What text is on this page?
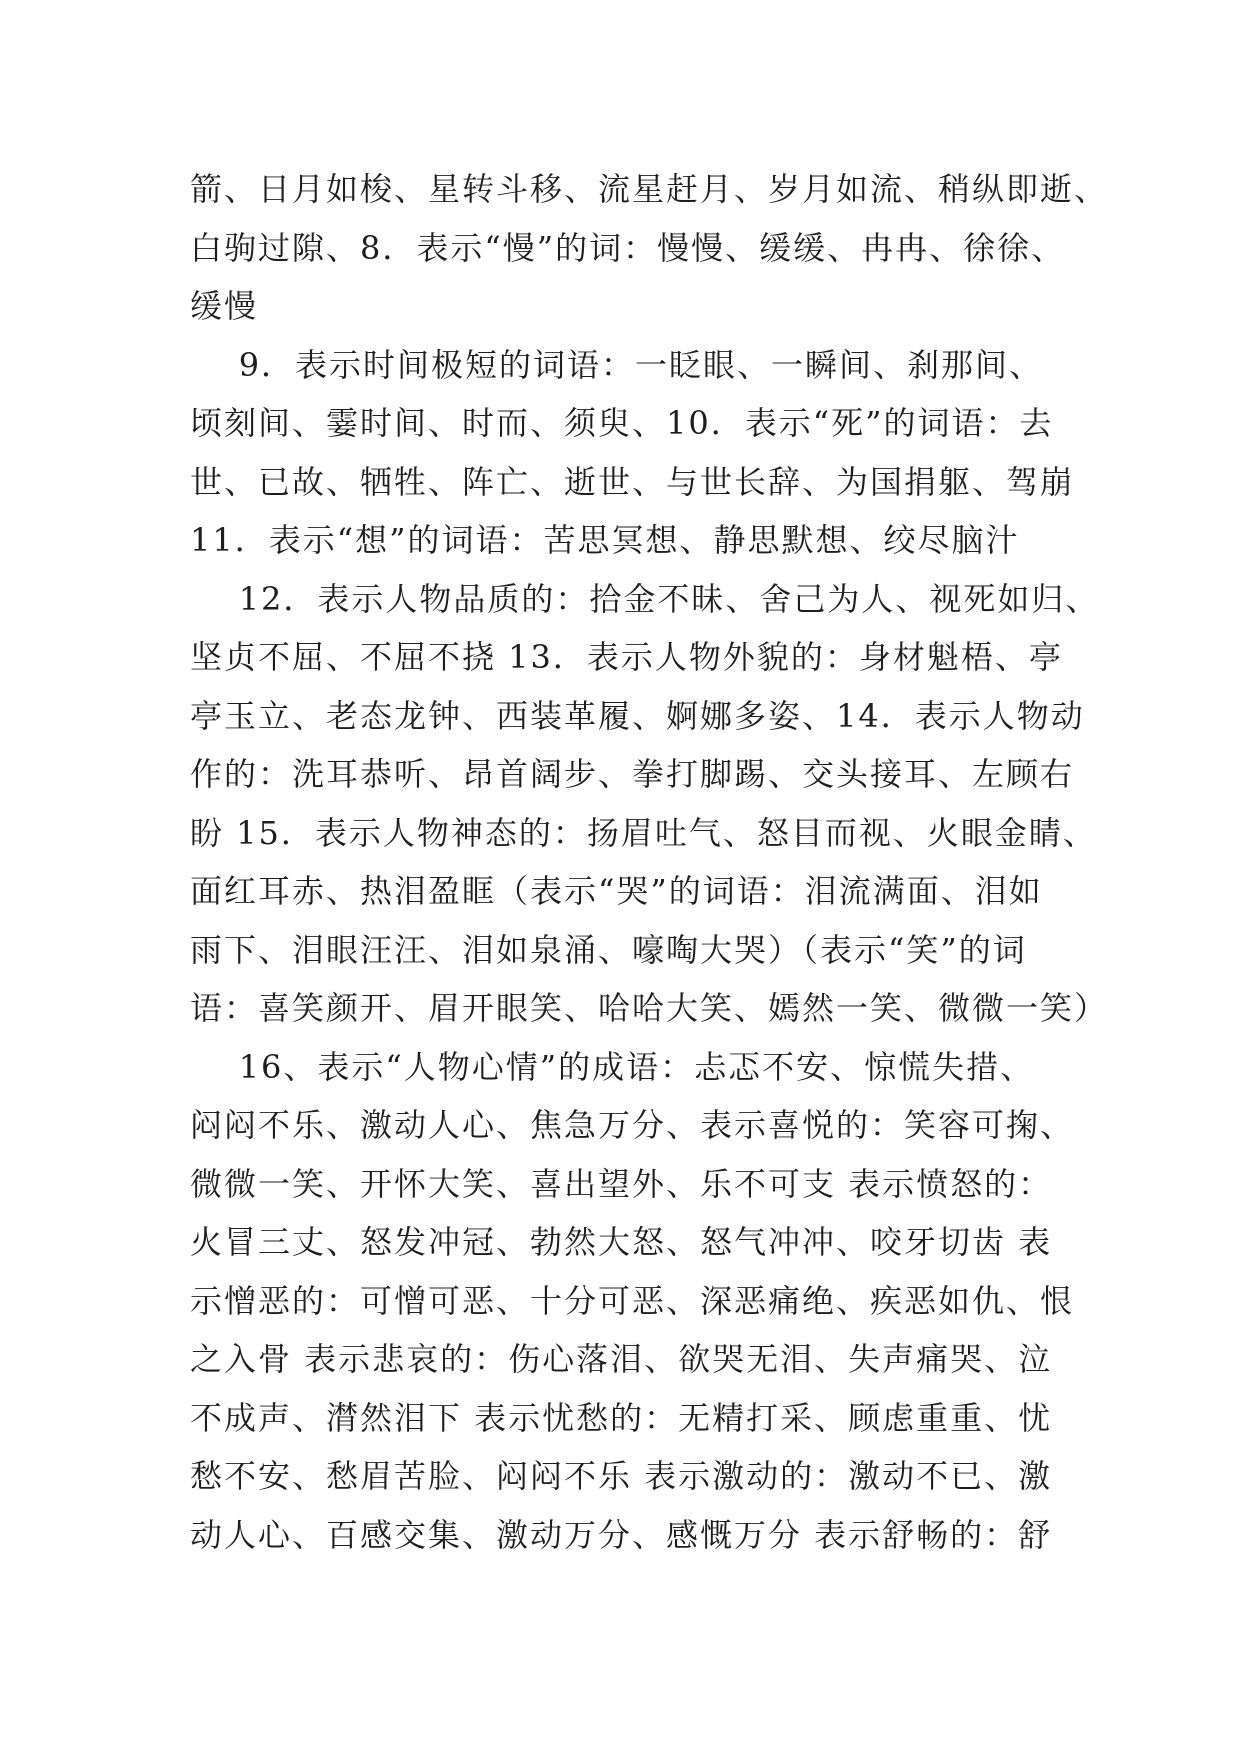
箭、日月如梭、星转斗移、流星赶月、岁月如流、稍纵即逝、
白驹过隙、8．表示“慢”的词：慢慢、缓缓、冉冉、徐徐、
缓慢
9．表示时间极短的词语：一眨眼、一瞬间、刹那间、
顷刻间、霎时间、时而、须臾、10．表示“死”的词语：去
世、已故、牺牲、阵亡、逝世、与世长辞、为国捐躯、驾崩
11．表示“想”的词语：苦思冥想、静思默想、绞尽脑汁
12．表示人物品质的：拾金不昧、舍己为人、视死如归、
坚贞不屈、不屈不挠 13．表示人物外貌的：身材魁梧、亭
亭玉立、老态龙钟、西装革履、婀娜多姿、14．表示人物动
作的：洗耳恭听、昂首阔步、拳打脚踢、交头接耳、左顾右
盼 15．表示人物神态的：扬眉吐气、怒目而视、火眼金睛、
面红耳赤、热泪盈眶（表示“哭”的词语：泪流满面、泪如
雨下、泪眼汪汪、泪如泉涌、嚎啕大哭）（表示“笑”的词
语：喜笑颜开、眉开眼笑、哈哈大笑、嫣然一笑、微微一笑）
16、表示“人物心情”的成语：忐忑不安、惊慌失措、
闷闷不乐、激动人心、焦急万分、表示喜悦的：笑容可掬、
微微一笑、开怀大笑、喜出望外、乐不可支 表示愤怒的：
火冒三丈、怒发冲冠、勃然大怒、怒气冲冲、咬牙切齿 表
示憎恶的：可憎可恶、十分可恶、深恶痛绝、疾恶如仇、恨
之入骨 表示悲哀的：伤心落泪、欲哭无泪、失声痛哭、泣
不成声、潸然泪下 表示忧愁的：无精打采、顾虑重重、忧
愁不安、愁眉苦脸、闷闷不乐 表示激动的：激动不已、激
动人心、百感交集、激动万分、感慨万分 表示舒畅的：舒
